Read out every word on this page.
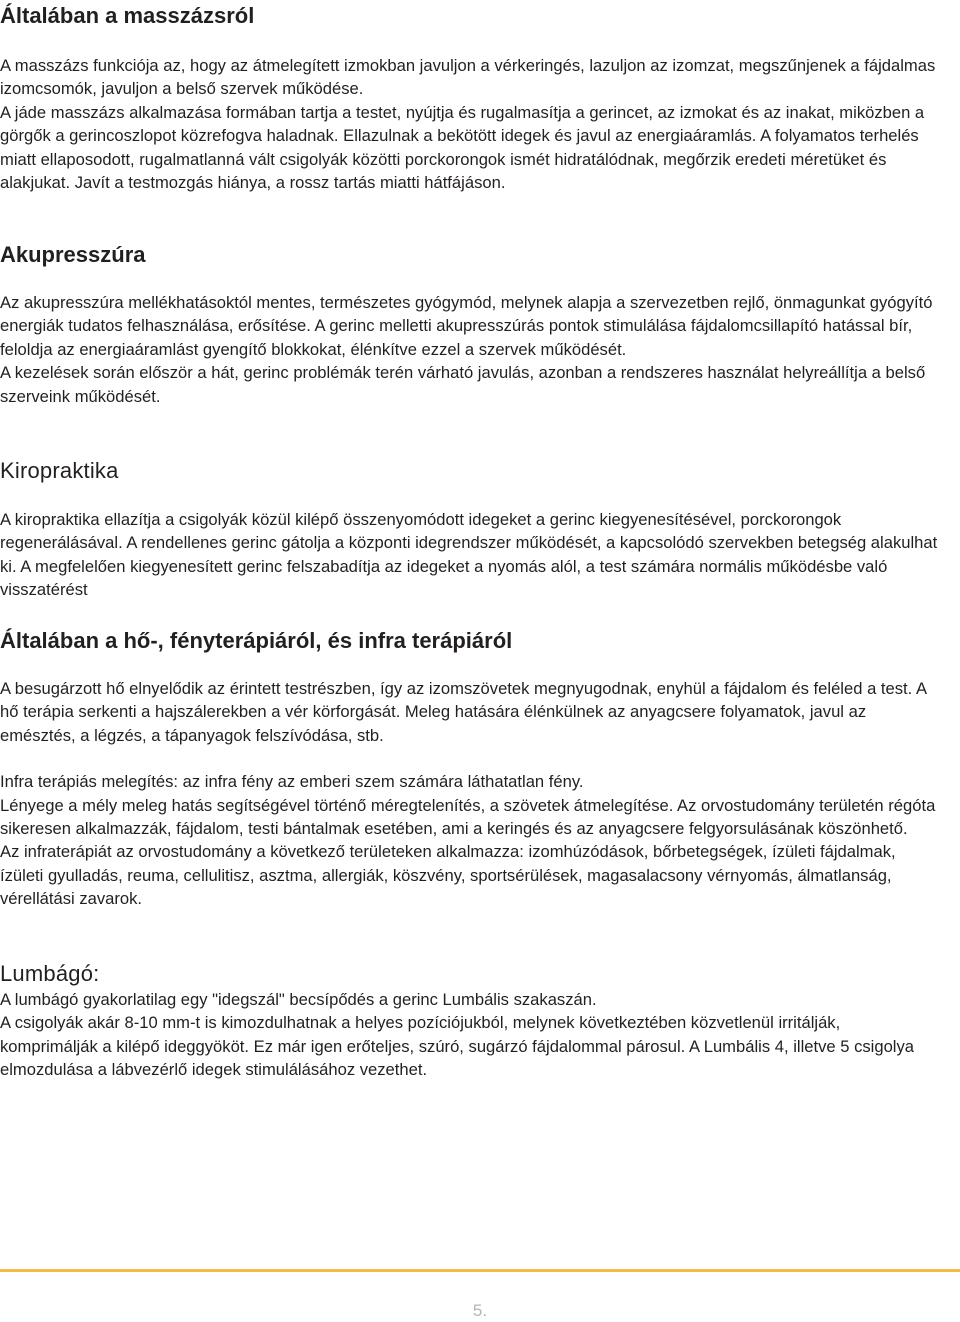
Általában a masszázsról

A masszázs funkciója az, hogy az átmelegített izmokban javuljon a vérkeringés, lazuljon az izomzat, megszűnjenek a fájdalmas izomcsomók, javuljon a belső szervek működése.
A jáde masszázs alkalmazása formában tartja a testet, nyújtja és rugalmasítja a gerincet, az izmokat és az inakat, miközben a görgők a gerincoszlopot közrefogva haladnak. Ellazulnak a bekötött idegek és javul az energiaáramlás. A folyamatos terhelés miatt ellaposodott, rugalmatlanná vált csigolyák közötti porckorongok ismét hidratálódnak, megőrzik eredeti méretüket és alakjukat. Javít a testmozgás hiánya, a rossz tartás miatti hátfájáson.

Akupresszúra

Az akupresszúra mellékhatásoktól mentes, természetes gyógymód, melynek alapja a szervezetben rejlő, önmagunkat gyógyító energiák tudatos felhasználása, erősítése. A gerinc melletti akupresszúrás pontok stimulálása fájdalomcsillapító hatással bír, feloldja az energiaáramlást gyengítő blokkokat, élénkítve ezzel a szervek működését.

A kezelések során először a hát, gerinc problémák terén várható javulás, azonban a rendszeres használat helyreállítja a belső szerveink működését.

Kiropraktika

A kiropraktika ellazítja a csigolyák közül kilépő összenyomódott idegeket a gerinc kiegyenesítésével, porckorongok regenerálásával. A rendellenes gerinc gátolja a központi idegrendszer működését, a kapcsolódó szervekben betegség alakulhat ki. A megfelelően kiegyenesített gerinc felszabadítja az idegeket a nyomás alól, a test számára normális működésbe való visszatérést

Általában a hő-, fényterápiáról, és infra terápiáról

A besugárzott hő elnyelődik az érintett testrészben, így az izomszövetek megnyugodnak, enyhül a fájdalom és feléled a test. A hő terápia serkenti a hajszálerekben a vér körforgását. Meleg hatására élénkülnek az anyagcsere folyamatok, javul az emésztés, a légzés, a tápanyagok felszívódása, stb.

Infra terápiás melegítés: az infra fény az emberi szem számára láthatatlan fény.

Lényege a mély meleg hatás segítségével történő méregtelenítés, a szövetek átmelegítése. Az orvostudomány területén régóta sikeresen alkalmazzák, fájdalom, testi bántalmak esetében, ami a keringés és az anyagcsere felgyorsulásának köszönhető.

Az infraterápiát az orvostudomány a következő területeken alkalmazza: izomhúzódások, bőrbetegségek, ízületi fájdalmak, ízületi gyulladás, reuma, cellulitisz, asztma, allergiák, köszvény, sportsérülések, magasalacsony vérnyomás, álmatlanság, vérellátási zavarok.

Lumbágó:

A lumbágó gyakorlatilag egy "idegszál" becsípődés a gerinc Lumbális szakaszán.

A csigolyák akár 8-10 mm-t is kimozdulhatnak a helyes pozíciójukból, melynek következtében közvetlenül irritálják, komprimálják a kilépő ideggyököt. Ez már igen erőteljes, szúró, sugárzó fájdalommal párosul. A Lumbális 4, illetve 5 csigolya elmozdulása a lábvezérlő idegek stimulálásához vezethet.

5.
